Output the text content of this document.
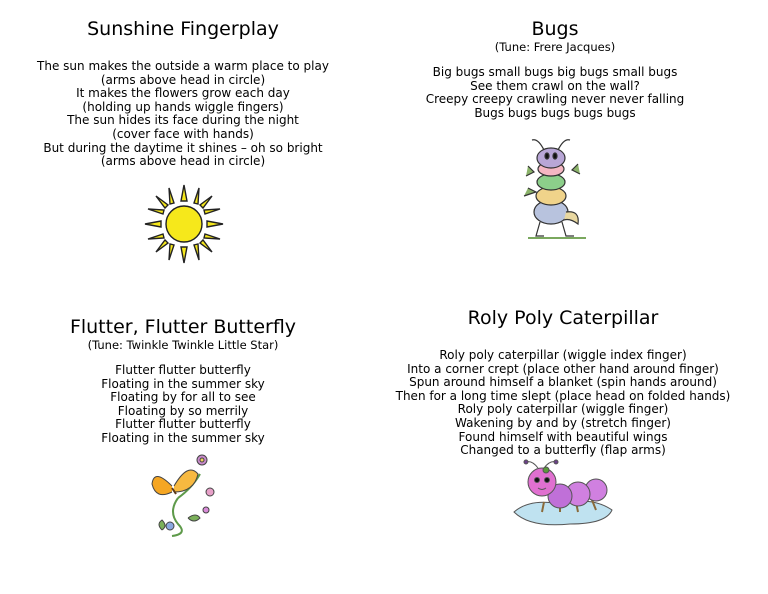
Sunshine Fingerplay
The sun makes the outside a warm place to play
(arms above head in circle)
It makes the flowers grow each day
(holding up hands wiggle fingers)
The sun hides its face during the night
(cover face with hands)
But during the daytime it shines – oh so bright
(arms above head in circle)
Bugs
(Tune: Frere Jacques)
Big bugs small bugs big bugs small bugs
See them crawl on the wall?
Creepy creepy crawling never never falling
Bugs bugs bugs bugs bugs
Flutter, Flutter Butterfly
(Tune: Twinkle Twinkle Little Star)
Flutter flutter butterfly
Floating in the summer sky
Floating by for all to see
Floating by so merrily
Flutter flutter butterfly
Floating in the summer sky
Roly Poly Caterpillar
Roly poly caterpillar (wiggle index finger)
Into a corner crept (place other hand around finger)
Spun around himself a blanket (spin hands around)
Then for a long time slept (place head on folded hands)
Roly poly caterpillar (wiggle finger)
Wakening by and by (stretch finger)
Found himself with beautiful wings
Changed to a butterfly (flap arms)
